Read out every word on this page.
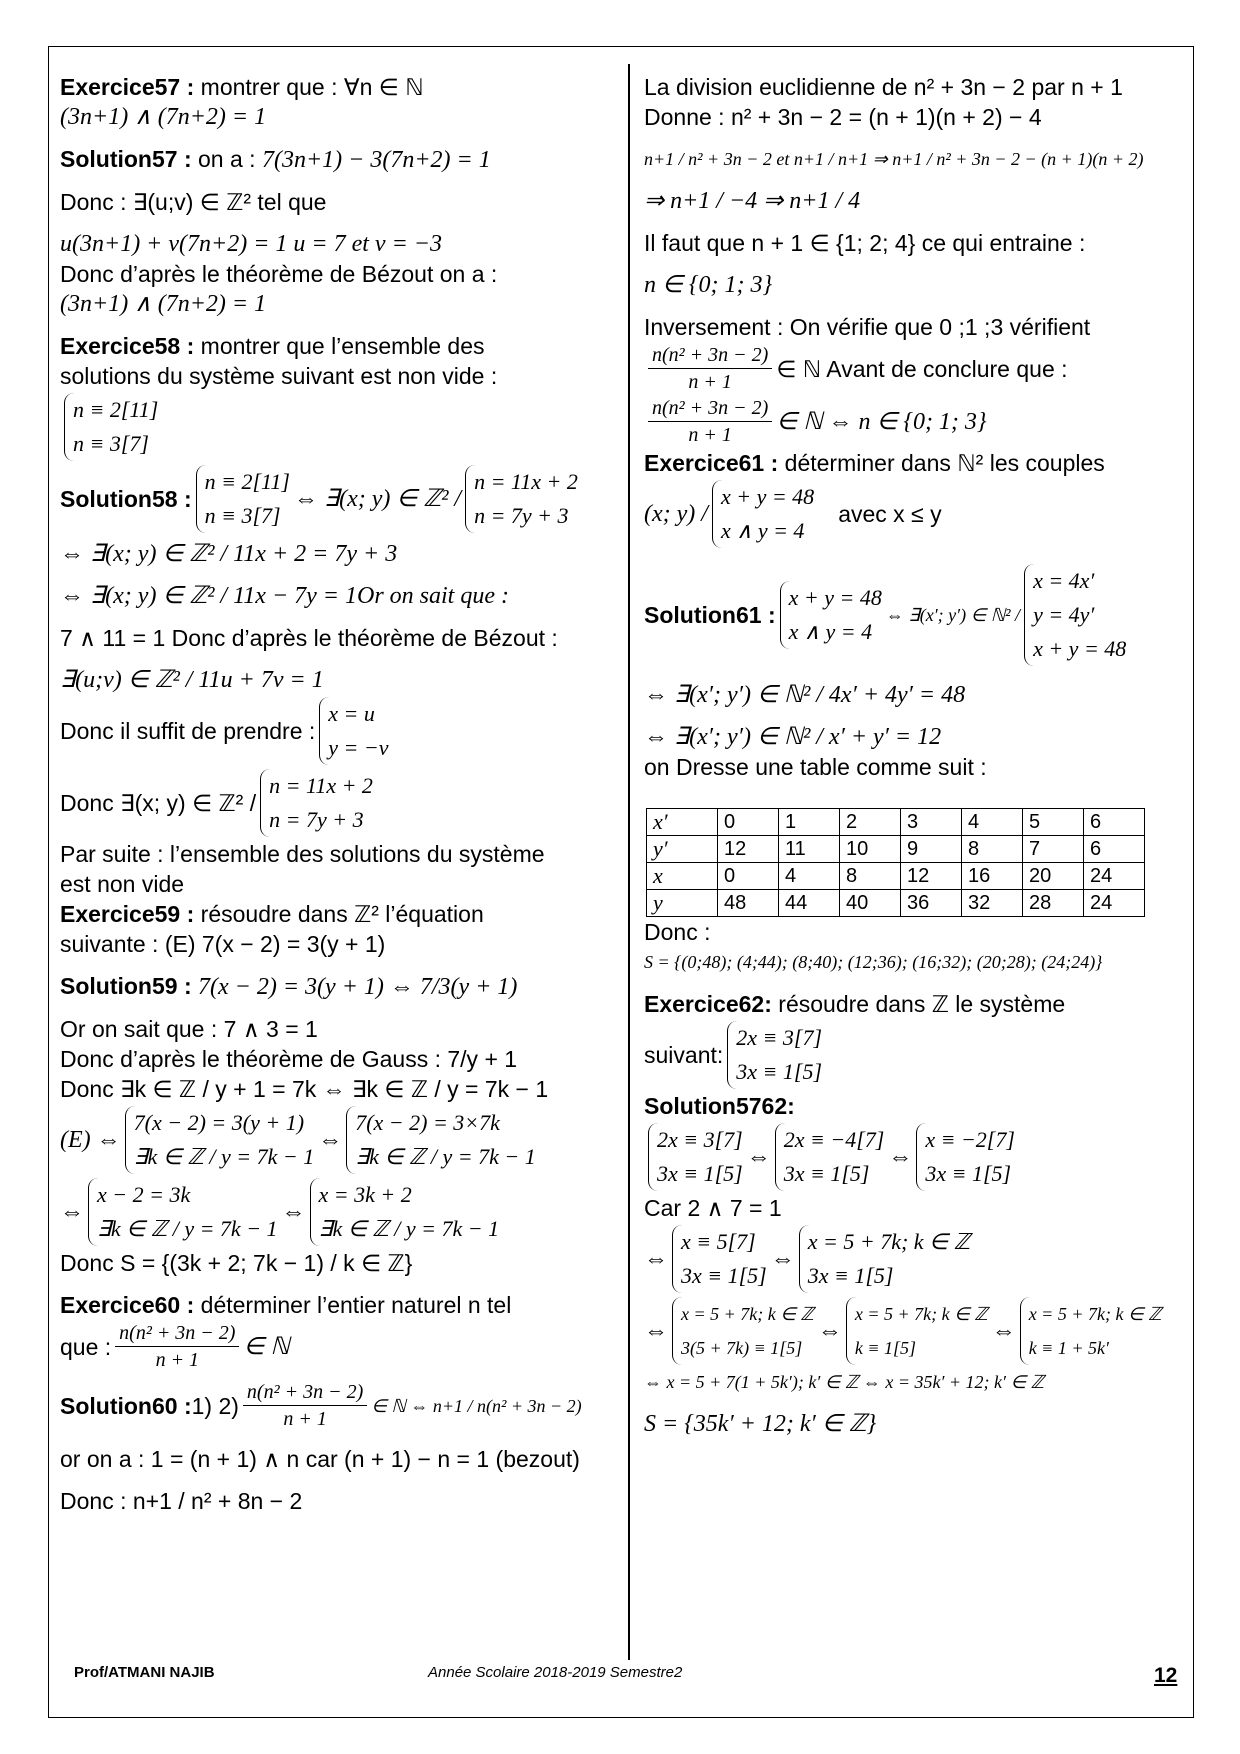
Exercice57 : montrer que : ∀n ∈ ℕ
(3n+1) ∧ (7n+2) = 1
Solution57 : on a : 7(3n+1) − 3(7n+2) = 1
Donc : ∃(u;v) ∈ ℤ² tel que
u(3n+1) + v(7n+2) = 1 u = 7 et v = −3
Donc d’après le théorème de Bézout on a :
(3n+1) ∧ (7n+2) = 1
Exercice58 : montrer que l’ensemble des
solutions du système suivant est non vide :
n ≡ 2[11]
n ≡ 3[7]
Solution58 :
n ≡ 2[11]
n ≡ 3[7]
⇔ ∃(x; y) ∈ ℤ² /
n = 11x + 2
n = 7y + 3
⇔ ∃(x; y) ∈ ℤ² / 11x + 2 = 7y + 3
⇔ ∃(x; y) ∈ ℤ² / 11x − 7y = 1Or on sait que :
7 ∧ 11 = 1 Donc d’après le théorème de Bézout :
∃(u;v) ∈ ℤ² / 11u + 7v = 1
Donc il suffit de prendre :
x = u
y = −v
Donc ∃(x; y) ∈ ℤ² /
n = 11x + 2
n = 7y + 3
Par suite : l’ensemble des solutions du système
est non vide
Exercice59 : résoudre dans ℤ² l’équation
suivante : (E) 7(x − 2) = 3(y + 1)
Solution59 : 7(x − 2) = 3(y + 1) ⇔ 7/3(y + 1)
Or on sait que : 7 ∧ 3 = 1
Donc d’après le théorème de Gauss : 7/y + 1
Donc ∃k ∈ ℤ / y + 1 = 7k ⇔ ∃k ∈ ℤ / y = 7k − 1
(E) ⇔
7(x − 2) = 3(y + 1)
∃k ∈ ℤ / y = 7k − 1
⇔
7(x − 2) = 3×7k
∃k ∈ ℤ / y = 7k − 1
⇔
x − 2 = 3k
∃k ∈ ℤ / y = 7k − 1
⇔
x = 3k + 2
∃k ∈ ℤ / y = 7k − 1
Donc S = {(3k + 2; 7k − 1) / k ∈ ℤ}
Exercice60 : déterminer l’entier naturel n tel
que : $\frac{\text{n(n² + 3n − 2)}}{n + 1}$ ∈ ℕ
Solution60 : 1) $2) \frac{\text{n(n² + 3n − 2)}}{n + 1}$ ∈ ℕ ⇔ n+1 / n(n² + 3n − 2)
or on a : 1 = (n + 1) ∧ n car (n + 1) − n = 1 (bezout)
Donc : n+1 / n² + 8n − 2
La division euclidienne de n² + 3n − 2 par n + 1
Donne : n² + 3n − 2 = (n + 1)(n + 2) − 4
n+1 / n² + 3n − 2 et n+1 / n+1 ⇒ n+1 / n² + 3n − 2 − (n + 1)(n + 2)
⇒ n+1 / −4 ⇒ n+1 / 4
Il faut que n + 1 ∈ {1; 2; 4} ce qui entraine :
n ∈ {0; 1; 3}
Inversement : On vérifie que 0 ;1 ;3 vérifient
$\frac{\text{n(n² + 3n − 2)}}{n + 1}$ ∈ ℕ Avant de conclure que :
$\frac{\text{n(n² + 3n − 2)}}{n + 1}$ ∈ ℕ ⇔ n ∈ {0; 1; 3}
Exercice61 : déterminer dans ℕ² les couples
(x; y) /
x + y = 48
x ∧ y = 4
avec x ≤ y
Solution61 :
x + y = 48
x ∧ y = 4
⇔ ∃(x′; y′) ∈ ℕ² /
x = 4x′
y = 4y′
x + y = 48
⇔ ∃(x′; y′) ∈ ℕ² / 4x′ + 4y′ = 48
⇔ ∃(x′; y′) ∈ ℕ² / x′ + y′ = 12
on Dresse une table comme suit :
x′	0	1	2	3	4	5	6
y′	12	11	10	9	8	7	6
x	0	4	8	12	16	20	24
y	48	44	40	36	32	28	24
Donc :
S = {(0;48); (4;44); (8;40); (12;36); (16;32); (20;28); (24;24)}
Exercice62: résoudre dans ℤ le système
suivant:
2x ≡ 3[7]
3x ≡ 1[5]
Solution5762:
2x ≡ 3[7]
3x ≡ 1[5]
⇔
2x ≡ −4[7]
3x ≡ 1[5]
⇔
x ≡ −2[7]
3x ≡ 1[5]
Car 2 ∧ 7 = 1
⇔
x ≡ 5[7]
3x ≡ 1[5]
⇔
x = 5 + 7k; k ∈ ℤ
3x ≡ 1[5]
⇔
x = 5 + 7k; k ∈ ℤ
3(5 + 7k) ≡ 1[5]
⇔
x = 5 + 7k; k ∈ ℤ
k ≡ 1[5]
⇔
x = 5 + 7k; k ∈ ℤ
k ≡ 1 + 5k′
⇔ x = 5 + 7(1 + 5k′); k′ ∈ ℤ ⇔ x = 35k′ + 12; k′ ∈ ℤ
S = {35k′ + 12; k′ ∈ ℤ}
Prof/ATMANI NAJIB	Année Scolaire 2018-2019 Semestre2	12
